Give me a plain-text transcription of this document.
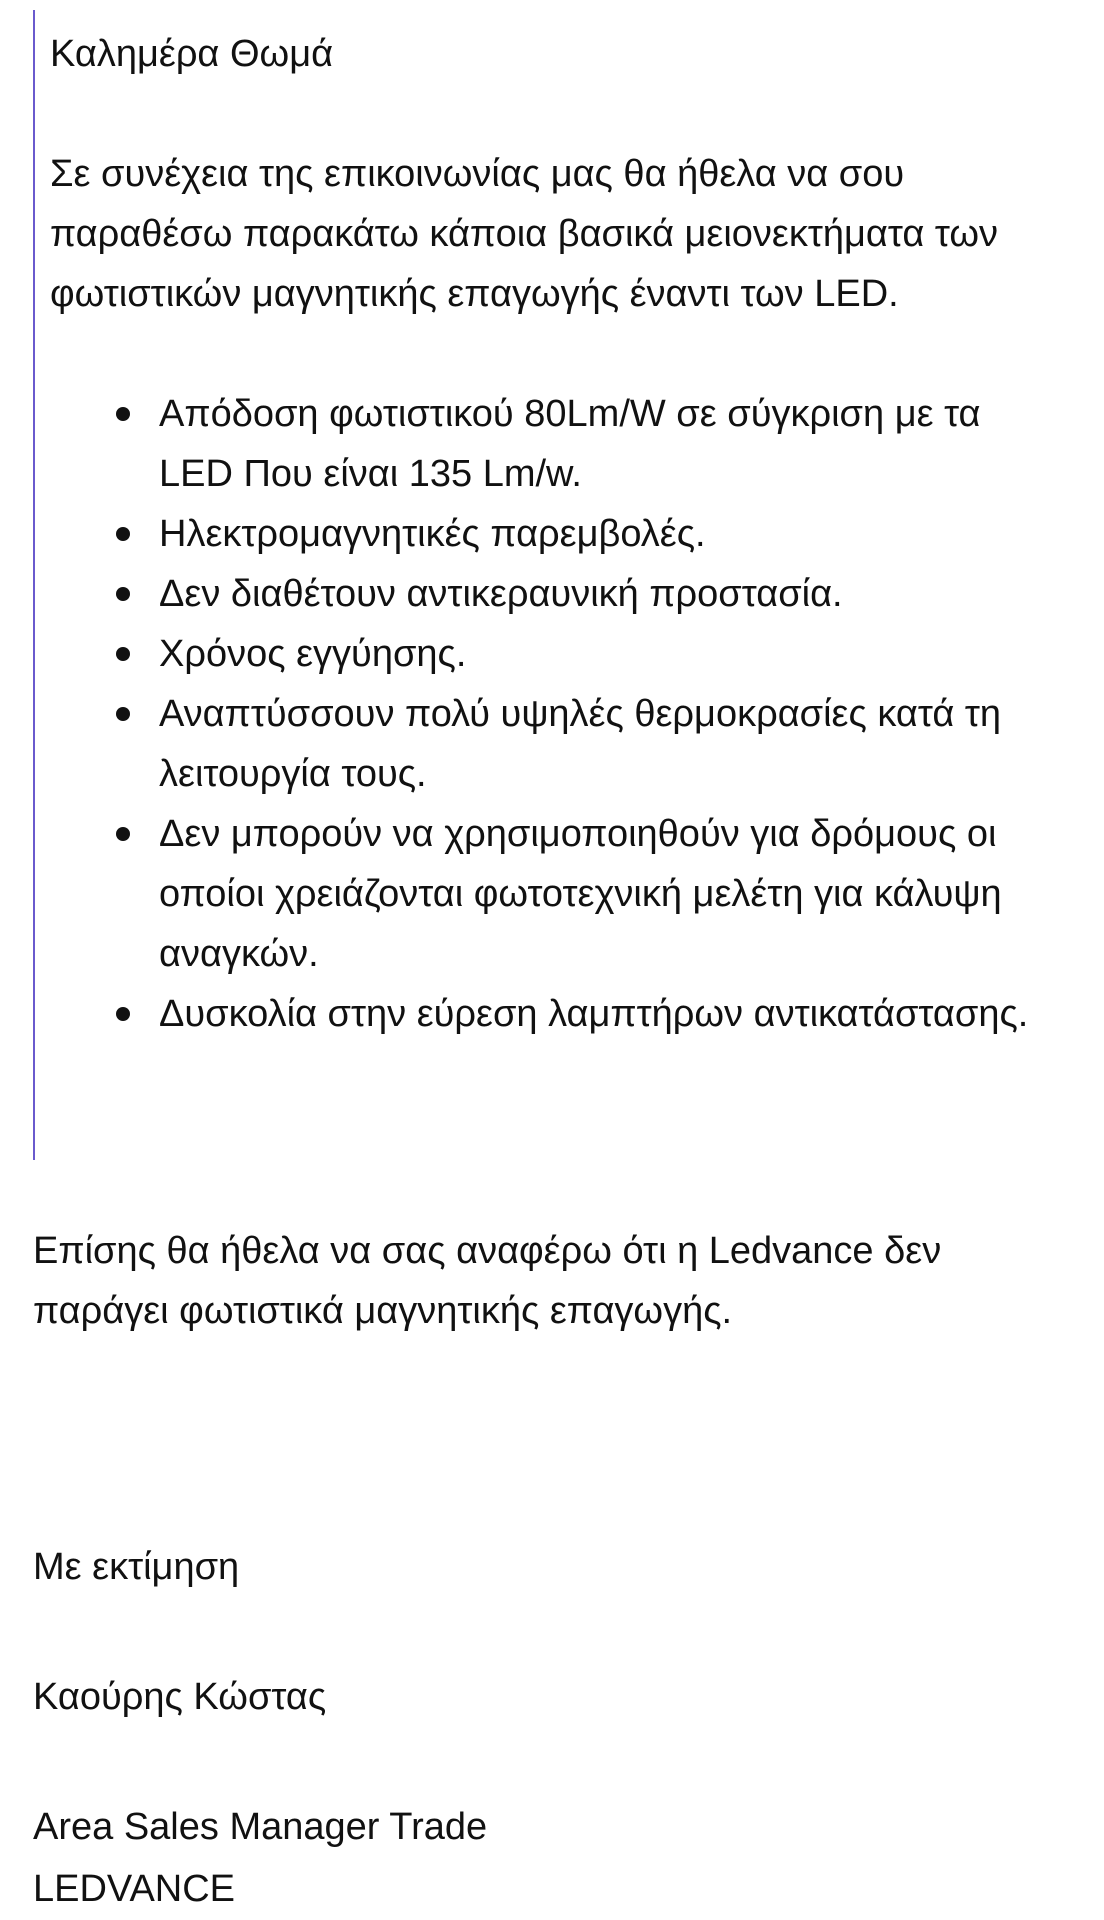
Καλημέρα Θωμά

Σε συνέχεια της επικοινωνίας μας θα ήθελα να σου παραθέσω παρακάτω κάποια βασικά μειονεκτήματα των φωτιστικών μαγνητικής επαγωγής έναντι των LED.

Απόδοση φωτιστικού 80Lm/W σε σύγκριση με τα LED Που είναι 135 Lm/w.
Ηλεκτρομαγνητικές παρεμβολές.
Δεν διαθέτουν αντικεραυνική προστασία.
Χρόνος εγγύησης.
Αναπτύσσουν πολύ υψηλές θερμοκρασίες κατά τη λειτουργία τους.
Δεν μπορούν να χρησιμοποιηθούν για δρόμους οι οποίοι χρειάζονται φωτοτεχνική μελέτη για κάλυψη αναγκών.
Δυσκολία στην εύρεση λαμπτήρων αντικατάστασης.

Επίσης θα ήθελα να σας αναφέρω ότι η Ledvance δεν παράγει φωτιστικά μαγνητικής επαγωγής.

Με εκτίμηση

Καούρης Κώστας

Area Sales Manager Trade

LEDVANCE
